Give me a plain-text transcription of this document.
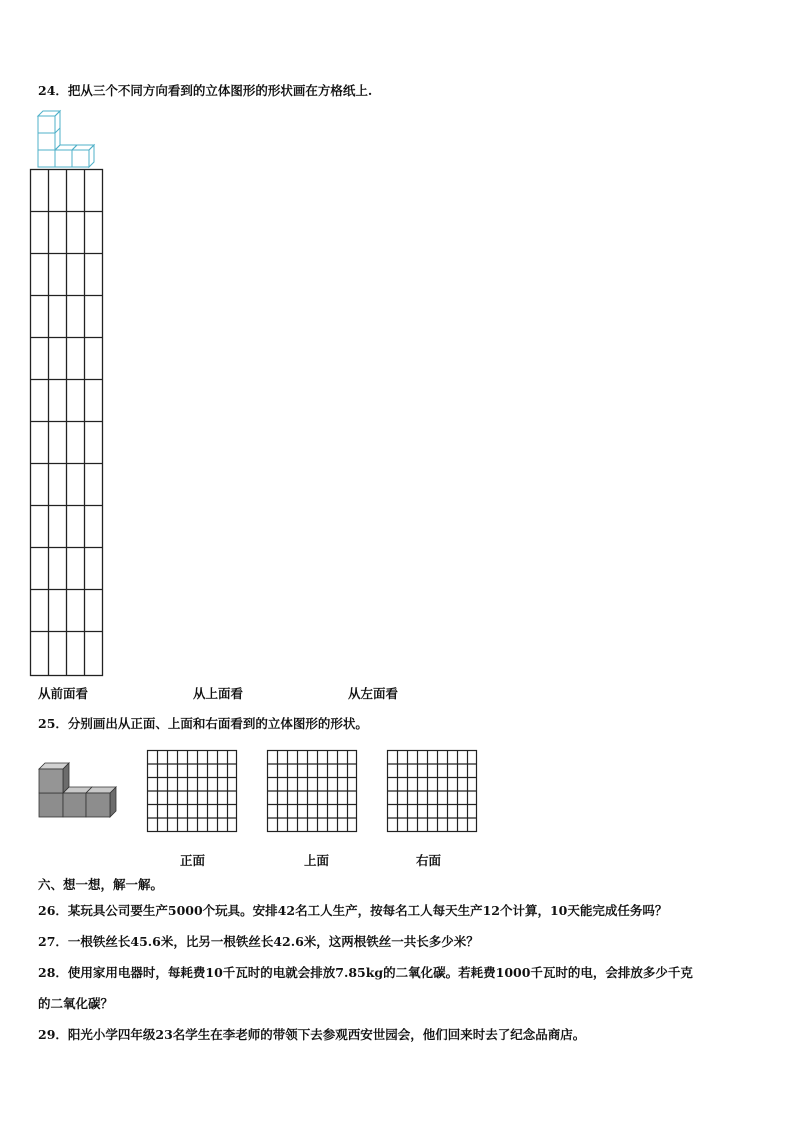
24．把从三个不同方向看到的立体图形的形状画在方格纸上.
从前面看	从上面看	从左面看
25．分别画出从正面、上面和右面看到的立体图形的形状。
正面	上面	右面
六、想一想，解一解。
26．某玩具公司要生产5000个玩具。安排42名工人生产，按每名工人每天生产12个计算，10天能完成任务吗？
27．一根铁丝长45.6米，比另一根铁丝长42.6米，这两根铁丝一共长多少米？
28．使用家用电器时，每耗费10千瓦时的电就会排放7.85kg的二氧化碳。若耗费1000千瓦时的电，会排放多少千克
的二氧化碳？
29．阳光小学四年级23名学生在李老师的带领下去参观西安世园会，他们回来时去了纪念品商店。
